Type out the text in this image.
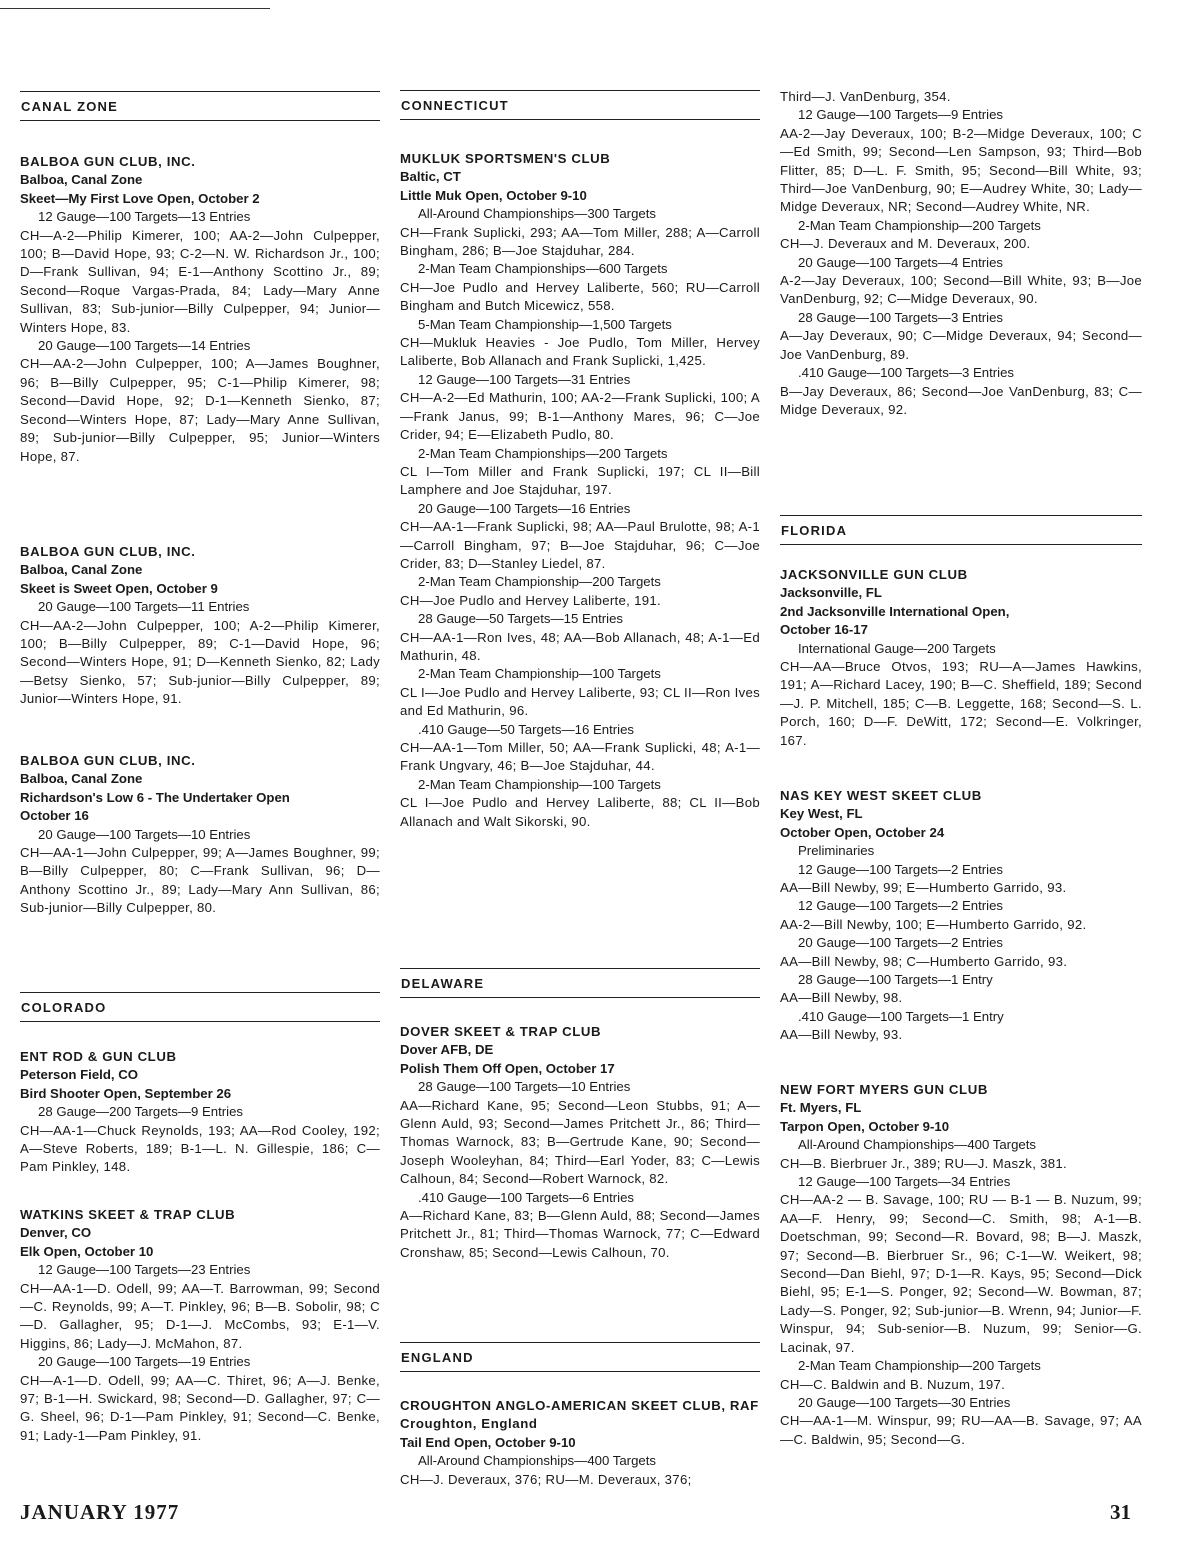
CANAL ZONE

BALBOA GUN CLUB, INC.

Balboa, Canal Zone

Skeet—My First Love Open, October 2

12 Gauge—100 Targets—13 Entries

CH—A-2—Philip Kimerer, 100; AA-2—John Culpepper, 100; B—David Hope, 93; C-2—N. W. Richardson Jr., 100; D—Frank Sullivan, 94; E-1—Anthony Scottino Jr., 89; Second—Roque Vargas-Prada, 84; Lady—Mary Anne Sullivan, 83; Sub-junior—Billy Culpepper, 94; Junior—Winters Hope, 83.

20 Gauge—100 Targets—14 Entries

CH—AA-2—John Culpepper, 100; A—James Boughner, 96; B—Billy Culpepper, 95; C-1—Philip Kimerer, 98; Second—David Hope, 92; D-1—Kenneth Sienko, 87; Second—Winters Hope, 87; Lady—Mary Anne Sullivan, 89; Sub-junior—Billy Culpepper, 95; Junior—Winters Hope, 87.

BALBOA GUN CLUB, INC.

Balboa, Canal Zone

Skeet is Sweet Open, October 9

20 Gauge—100 Targets—11 Entries

CH—AA-2—John Culpepper, 100; A-2—Philip Kimerer, 100; B—Billy Culpepper, 89; C-1—David Hope, 96; Second—Winters Hope, 91; D—Kenneth Sienko, 82; Lady—Betsy Sienko, 57; Sub-junior—Billy Culpepper, 89; Junior—Winters Hope, 91.

BALBOA GUN CLUB, INC.

Balboa, Canal Zone

Richardson's Low 6 - The Undertaker Open

October 16

20 Gauge—100 Targets—10 Entries

CH—AA-1—John Culpepper, 99; A—James Boughner, 99; B—Billy Culpepper, 80; C—Frank Sullivan, 96; D—Anthony Scottino Jr., 89; Lady—Mary Ann Sullivan, 86; Sub-junior—Billy Culpepper, 80.

COLORADO

ENT ROD & GUN CLUB

Peterson Field, CO

Bird Shooter Open, September 26

28 Gauge—200 Targets—9 Entries

CH—AA-1—Chuck Reynolds, 193; AA—Rod Cooley, 192; A—Steve Roberts, 189; B-1—L. N. Gillespie, 186; C—Pam Pinkley, 148.

WATKINS SKEET & TRAP CLUB

Denver, CO

Elk Open, October 10

12 Gauge—100 Targets—23 Entries

CH—AA-1—D. Odell, 99; AA—T. Barrowman, 99; Second—C. Reynolds, 99; A—T. Pinkley, 96; B—B. Sobolir, 98; C—D. Gallagher, 95; D-1—J. McCombs, 93; E-1—V. Higgins, 86; Lady—J. McMahon, 87.

20 Gauge—100 Targets—19 Entries

CH—A-1—D. Odell, 99; AA—C. Thiret, 96; A—J. Benke, 97; B-1—H. Swickard, 98; Second—D. Gallagher, 97; C—G. Sheel, 96; D-1—Pam Pinkley, 91; Second—C. Benke, 91; Lady-1—Pam Pinkley, 91.

CONNECTICUT

MUKLUK SPORTSMEN'S CLUB

Baltic, CT

Little Muk Open, October 9-10

All-Around Championships—300 Targets

CH—Frank Suplicki, 293; AA—Tom Miller, 288; A—Carroll Bingham, 286; B—Joe Stajduhar, 284.

2-Man Team Championships—600 Targets

CH—Joe Pudlo and Hervey Laliberte, 560; RU—Carroll Bingham and Butch Micewicz, 558.

5-Man Team Championship—1,500 Targets

CH—Mukluk Heavies - Joe Pudlo, Tom Miller, Hervey Laliberte, Bob Allanach and Frank Suplicki, 1,425.

12 Gauge—100 Targets—31 Entries

CH—A-2—Ed Mathurin, 100; AA-2—Frank Suplicki, 100; A—Frank Janus, 99; B-1—Anthony Mares, 96; C—Joe Crider, 94; E—Elizabeth Pudlo, 80.

2-Man Team Championships—200 Targets

CL I—Tom Miller and Frank Suplicki, 197; CL II—Bill Lamphere and Joe Stajduhar, 197.

20 Gauge—100 Targets—16 Entries

CH—AA-1—Frank Suplicki, 98; AA—Paul Brulotte, 98; A-1—Carroll Bingham, 97; B—Joe Stajduhar, 96; C—Joe Crider, 83; D—Stanley Liedel, 87.

2-Man Team Championship—200 Targets

CH—Joe Pudlo and Hervey Laliberte, 191.

28 Gauge—50 Targets—15 Entries

CH—AA-1—Ron Ives, 48; AA—Bob Allanach, 48; A-1—Ed Mathurin, 48.

2-Man Team Championship—100 Targets

CL I—Joe Pudlo and Hervey Laliberte, 93; CL II—Ron Ives and Ed Mathurin, 96.

.410 Gauge—50 Targets—16 Entries

CH—AA-1—Tom Miller, 50; AA—Frank Suplicki, 48; A-1—Frank Ungvary, 46; B—Joe Stajduhar, 44.

2-Man Team Championship—100 Targets

CL I—Joe Pudlo and Hervey Laliberte, 88; CL II—Bob Allanach and Walt Sikorski, 90.

DELAWARE

DOVER SKEET & TRAP CLUB

Dover AFB, DE

Polish Them Off Open, October 17

28 Gauge—100 Targets—10 Entries

AA—Richard Kane, 95; Second—Leon Stubbs, 91; A—Glenn Auld, 93; Second—James Pritchett Jr., 86; Third—Thomas Warnock, 83; B—Gertrude Kane, 90; Second—Joseph Wooleyhan, 84; Third—Earl Yoder, 83; C—Lewis Calhoun, 84; Second—Robert Warnock, 82.

.410 Gauge—100 Targets—6 Entries

A—Richard Kane, 83; B—Glenn Auld, 88; Second—James Pritchett Jr., 81; Third—Thomas Warnock, 77; C—Edward Cronshaw, 85; Second—Lewis Calhoun, 70.

ENGLAND

CROUGHTON ANGLO-AMERICAN SKEET CLUB, RAF Croughton, England

Tail End Open, October 9-10

All-Around Championships—400 Targets

CH—J. Deveraux, 376; RU—M. Deveraux, 376;

Third—J. VanDenburg, 354.

12 Gauge—100 Targets—9 Entries

AA-2—Jay Deveraux, 100; B-2—Midge Deveraux, 100; C—Ed Smith, 99; Second—Len Sampson, 93; Third—Bob Flitter, 85; D—L. F. Smith, 95; Second—Bill White, 93; Third—Joe VanDenburg, 90; E—Audrey White, 30; Lady—Midge Deveraux, NR; Second—Audrey White, NR.

2-Man Team Championship—200 Targets

CH—J. Deveraux and M. Deveraux, 200.

20 Gauge—100 Targets—4 Entries

A-2—Jay Deveraux, 100; Second—Bill White, 93; B—Joe VanDenburg, 92; C—Midge Deveraux, 90.

28 Gauge—100 Targets—3 Entries

A—Jay Deveraux, 90; C—Midge Deveraux, 94; Second—Joe VanDenburg, 89.

.410 Gauge—100 Targets—3 Entries

B—Jay Deveraux, 86; Second—Joe VanDenburg, 83; C—Midge Deveraux, 92.

FLORIDA

JACKSONVILLE GUN CLUB

Jacksonville, FL

2nd Jacksonville International Open,

October 16-17

International Gauge—200 Targets

CH—AA—Bruce Otvos, 193; RU—A—James Hawkins, 191; A—Richard Lacey, 190; B—C. Sheffield, 189; Second—J. P. Mitchell, 185; C—B. Leggette, 168; Second—S. L. Porch, 160; D—F. DeWitt, 172; Second—E. Volkringer, 167.

NAS KEY WEST SKEET CLUB

Key West, FL

October Open, October 24

Preliminaries

12 Gauge—100 Targets—2 Entries

AA—Bill Newby, 99; E—Humberto Garrido, 93.

12 Gauge—100 Targets—2 Entries

AA-2—Bill Newby, 100; E—Humberto Garrido, 92.

20 Gauge—100 Targets—2 Entries

AA—Bill Newby, 98; C—Humberto Garrido, 93.

28 Gauge—100 Targets—1 Entry

AA—Bill Newby, 98.

.410 Gauge—100 Targets—1 Entry

AA—Bill Newby, 93.

NEW FORT MYERS GUN CLUB

Ft. Myers, FL

Tarpon Open, October 9-10

All-Around Championships—400 Targets

CH—B. Bierbruer Jr., 389; RU—J. Maszk, 381.

12 Gauge—100 Targets—34 Entries

CH—AA-2 — B. Savage, 100; RU — B-1 — B. Nuzum, 99; AA—F. Henry, 99; Second—C. Smith, 98; A-1—B. Doetschman, 99; Second—R. Bovard, 98; B—J. Maszk, 97; Second—B. Bierbruer Sr., 96; C-1—W. Weikert, 98; Second—Dan Biehl, 97; D-1—R. Kays, 95; Second—Dick Biehl, 95; E-1—S. Ponger, 92; Second—W. Bowman, 87; Lady—S. Ponger, 92; Sub-junior—B. Wrenn, 94; Junior—F. Winspur, 94; Sub-senior—B. Nuzum, 99; Senior—G. Lacinak, 97.

2-Man Team Championship—200 Targets

CH—C. Baldwin and B. Nuzum, 197.

20 Gauge—100 Targets—30 Entries

CH—AA-1—M. Winspur, 99; RU—AA—B. Savage, 97; AA—C. Baldwin, 95; Second—G.

JANUARY 1977	31
